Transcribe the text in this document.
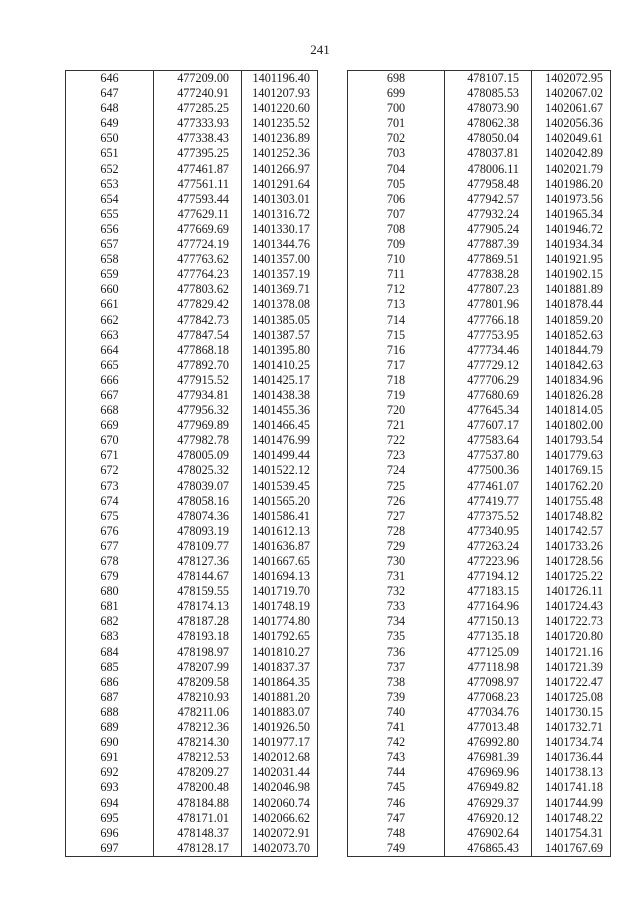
241
646	477209.00	1401196.40
647	477240.91	1401207.93
648	477285.25	1401220.60
649	477333.93	1401235.52
650	477338.43	1401236.89
651	477395.25	1401252.36
652	477461.87	1401266.97
653	477561.11	1401291.64
654	477593.44	1401303.01
655	477629.11	1401316.72
656	477669.69	1401330.17
657	477724.19	1401344.76
658	477763.62	1401357.00
659	477764.23	1401357.19
660	477803.62	1401369.71
661	477829.42	1401378.08
662	477842.73	1401385.05
663	477847.54	1401387.57
664	477868.18	1401395.80
665	477892.70	1401410.25
666	477915.52	1401425.17
667	477934.81	1401438.38
668	477956.32	1401455.36
669	477969.89	1401466.45
670	477982.78	1401476.99
671	478005.09	1401499.44
672	478025.32	1401522.12
673	478039.07	1401539.45
674	478058.16	1401565.20
675	478074.36	1401586.41
676	478093.19	1401612.13
677	478109.77	1401636.87
678	478127.36	1401667.65
679	478144.67	1401694.13
680	478159.55	1401719.70
681	478174.13	1401748.19
682	478187.28	1401774.80
683	478193.18	1401792.65
684	478198.97	1401810.27
685	478207.99	1401837.37
686	478209.58	1401864.35
687	478210.93	1401881.20
688	478211.06	1401883.07
689	478212.36	1401926.50
690	478214.30	1401977.17
691	478212.53	1402012.68
692	478209.27	1402031.44
693	478200.48	1402046.98
694	478184.88	1402060.74
695	478171.01	1402066.62
696	478148.37	1402072.91
697	478128.17	1402073.70
698	478107.15	1402072.95
699	478085.53	1402067.02
700	478073.90	1402061.67
701	478062.38	1402056.36
702	478050.04	1402049.61
703	478037.81	1402042.89
704	478006.11	1402021.79
705	477958.48	1401986.20
706	477942.57	1401973.56
707	477932.24	1401965.34
708	477905.24	1401946.72
709	477887.39	1401934.34
710	477869.51	1401921.95
711	477838.28	1401902.15
712	477807.23	1401881.89
713	477801.96	1401878.44
714	477766.18	1401859.20
715	477753.95	1401852.63
716	477734.46	1401844.79
717	477729.12	1401842.63
718	477706.29	1401834.96
719	477680.69	1401826.28
720	477645.34	1401814.05
721	477607.17	1401802.00
722	477583.64	1401793.54
723	477537.80	1401779.63
724	477500.36	1401769.15
725	477461.07	1401762.20
726	477419.77	1401755.48
727	477375.52	1401748.82
728	477340.95	1401742.57
729	477263.24	1401733.26
730	477223.96	1401728.56
731	477194.12	1401725.22
732	477183.15	1401726.11
733	477164.96	1401724.43
734	477150.13	1401722.73
735	477135.18	1401720.80
736	477125.09	1401721.16
737	477118.98	1401721.39
738	477098.97	1401722.47
739	477068.23	1401725.08
740	477034.76	1401730.15
741	477013.48	1401732.71
742	476992.80	1401734.74
743	476981.39	1401736.44
744	476969.96	1401738.13
745	476949.82	1401741.18
746	476929.37	1401744.99
747	476920.12	1401748.22
748	476902.64	1401754.31
749	476865.43	1401767.69
